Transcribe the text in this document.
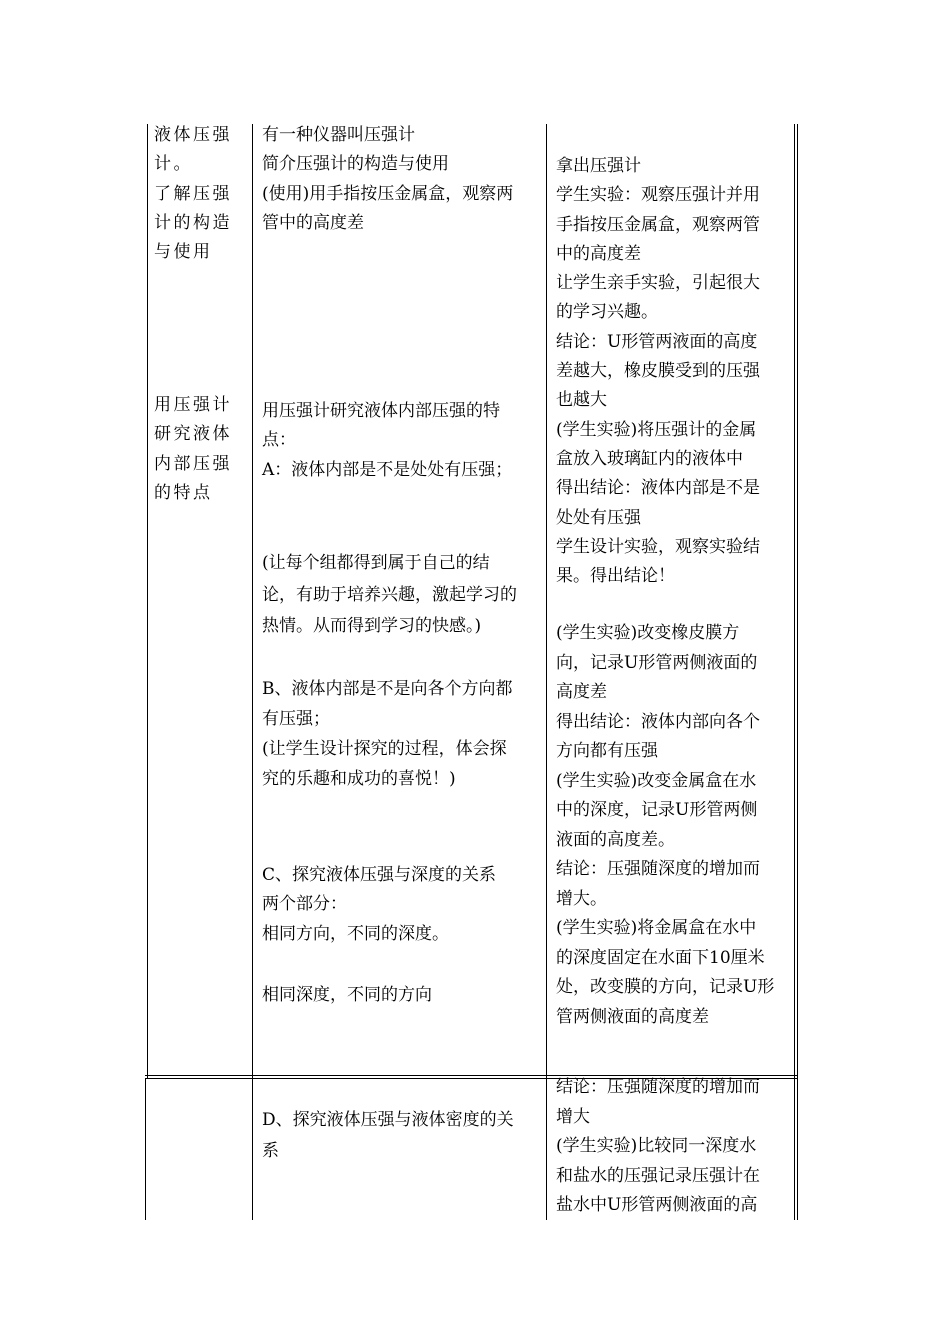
液体压强计。

了解压强计的构造与使用

用压强计研究液体内部压强的特点

有一种仪器叫压强计

简介压强计的构造与使用

(使用)用手指按压金属盒，观察两

管中的高度差

用压强计研究液体内部压强的特

点：

A：液体内部是不是处处有压强；

(让每个组都得到属于自己的结

论，有助于培养兴趣，激起学习的

热情。从而得到学习的快感。)

B、液体内部是不是向各个方向都

有压强；

(让学生设计探究的过程，体会探

究的乐趣和成功的喜悦！)

C、探究液体压强与深度的关系

两个部分：

相同方向，不同的深度。

相同深度，不同的方向

拿出压强计

学生实验：观察压强计并用

手指按压金属盒，观察两管

中的高度差

让学生亲手实验，引起很大

的学习兴趣。

结论：U形管两液面的高度

差越大，橡皮膜受到的压强

也越大

(学生实验)将压强计的金属

盒放入玻璃缸内的液体中

得出结论：液体内部是不是

处处有压强

学生设计实验，观察实验结

果。得出结论！

(学生实验)改变橡皮膜方

向，记录U形管两侧液面的

高度差

得出结论：液体内部向各个

方向都有压强

(学生实验)改变金属盒在水

中的深度，记录U形管两侧

液面的高度差。

结论：压强随深度的增加而

增大。

(学生实验)将金属盒在水中

的深度固定在水面下10厘米

处，改变膜的方向，记录U形

管两侧液面的高度差

D、探究液体压强与液体密度的关

系

结论：压强随深度的增加而

增大

(学生实验)比较同一深度水

和盐水的压强记录压强计在

盐水中U形管两侧液面的高
